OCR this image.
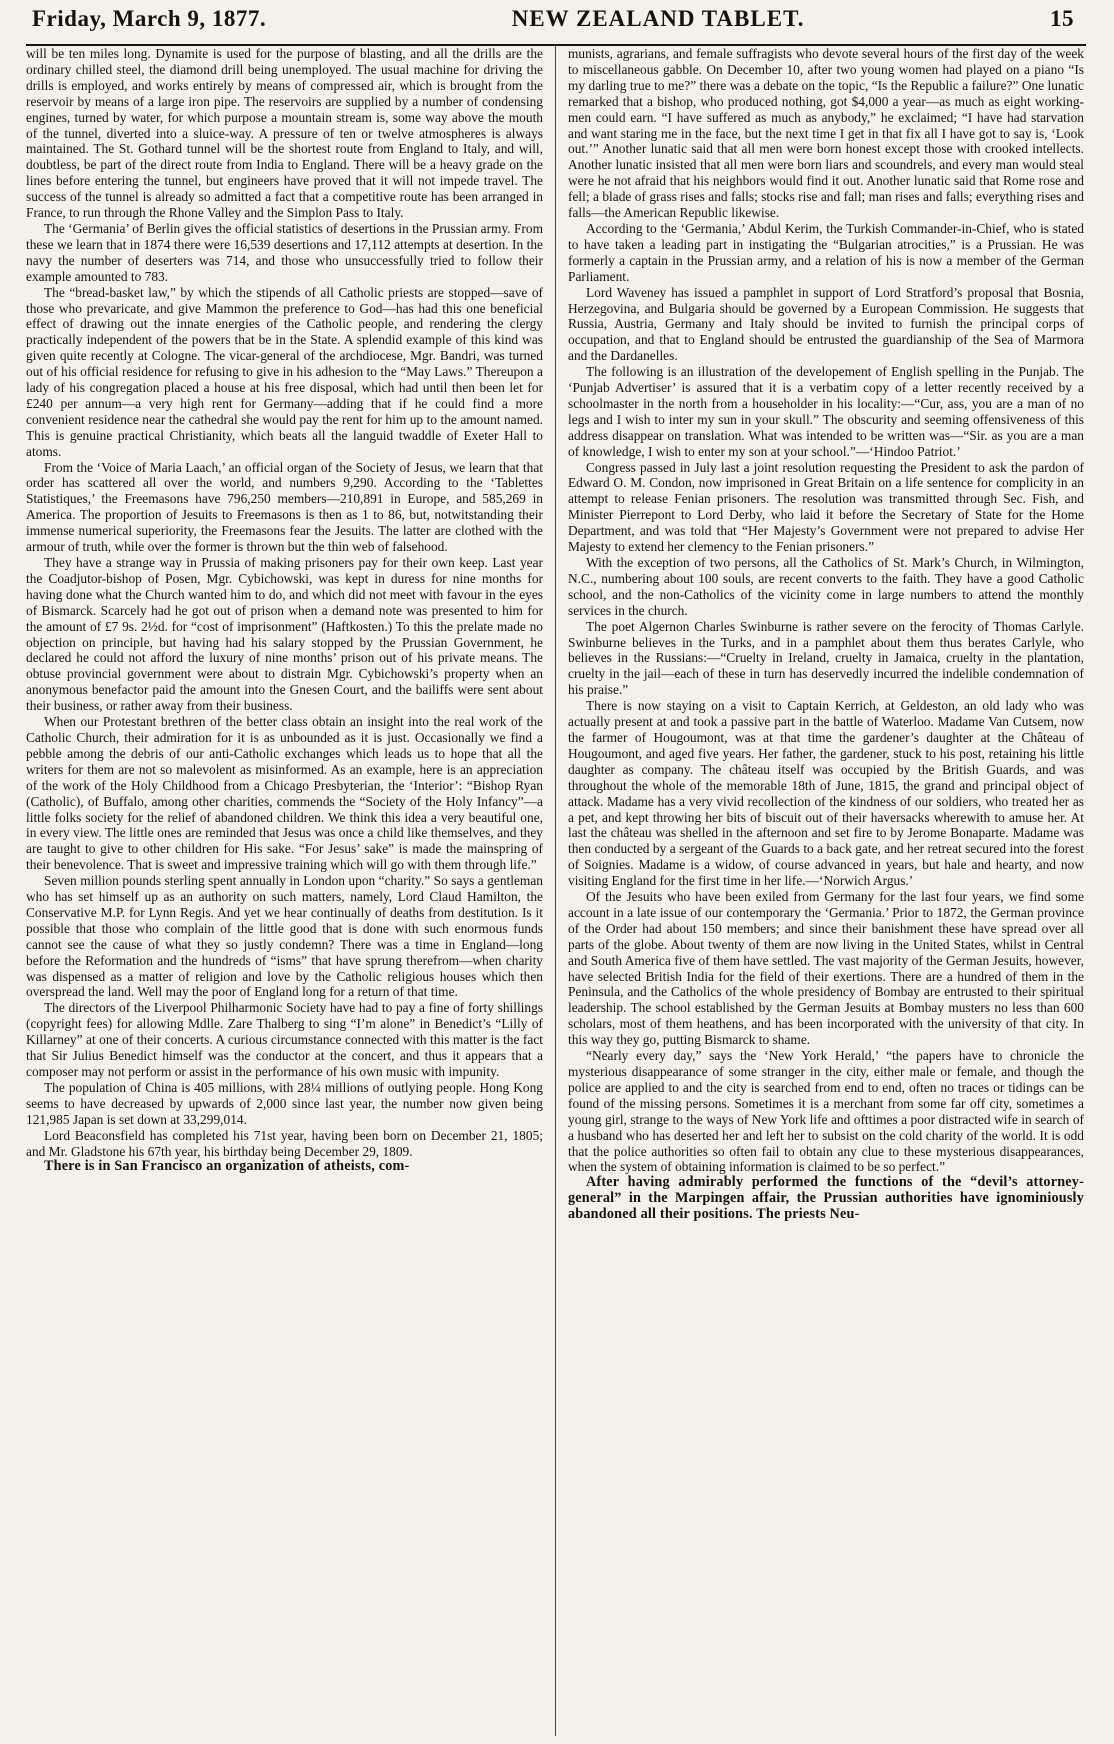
Friday, March 9, 1877.	NEW ZEALAND TABLET.	15

will be ten miles long. Dynamite is used for the purpose of blasting, and all the drills are the ordinary chilled steel, the diamond drill being unemployed. The usual machine for driving the drills is employed, and works entirely by means of compressed air, which is brought from the reservoir by means of a large iron pipe. The reservoirs are supplied by a number of condensing engines, turned by water, for which purpose a mountain stream is, some way above the mouth of the tunnel, diverted into a sluice-way. A pressure of ten or twelve atmospheres is always maintained. The St. Gothard tunnel will be the shortest route from England to Italy, and will, doubtless, be part of the direct route from India to England. There will be a heavy grade on the lines before entering the tunnel, but engineers have proved that it will not impede travel. The success of the tunnel is already so admitted a fact that a competitive route has been arranged in France, to run through the Rhone Valley and the Simplon Pass to Italy.

The ‘Germania’ of Berlin gives the official statistics of desertions in the Prussian army. From these we learn that in 1874 there were 16,539 desertions and 17,112 attempts at desertion. In the navy the number of deserters was 714, and those who unsuccessfully tried to follow their example amounted to 783.

The “bread-basket law,” by which the stipends of all Catholic priests are stopped—save of those who prevaricate, and give Mammon the preference to God—has had this one beneficial effect of drawing out the innate energies of the Catholic people, and rendering the clergy practically independent of the powers that be in the State. A splendid example of this kind was given quite recently at Cologne. The vicar-general of the archdiocese, Mgr. Bandri, was turned out of his official residence for refusing to give in his adhesion to the “May Laws.” Thereupon a lady of his congregation placed a house at his free disposal, which had until then been let for £240 per annum—a very high rent for Germany—adding that if he could find a more convenient residence near the cathedral she would pay the rent for him up to the amount named. This is genuine practical Christianity, which beats all the languid twaddle of Exeter Hall to atoms.

From the ‘Voice of Maria Laach,’ an official organ of the Society of Jesus, we learn that that order has scattered all over the world, and numbers 9,290. According to the ‘Tablettes Statistiques,’ the Freemasons have 796,250 members—210,891 in Europe, and 585,269 in America. The proportion of Jesuits to Freemasons is then as 1 to 86, but, notwitstanding their immense numerical superiority, the Freemasons fear the Jesuits. The latter are clothed with the armour of truth, while over the former is thrown but the thin web of falsehood.

They have a strange way in Prussia of making prisoners pay for their own keep. Last year the Coadjutor-bishop of Posen, Mgr. Cybichowski, was kept in duress for nine months for having done what the Church wanted him to do, and which did not meet with favour in the eyes of Bismarck. Scarcely had he got out of prison when a demand note was presented to him for the amount of £7 9s. 2½d. for “cost of imprisonment” (Haftkosten.) To this the prelate made no objection on principle, but having had his salary stopped by the Prussian Government, he declared he could not afford the luxury of nine months’ prison out of his private means. The obtuse provincial government were about to distrain Mgr. Cybichowski’s property when an anonymous benefactor paid the amount into the Gnesen Court, and the bailiffs were sent about their business, or rather away from their business.

When our Protestant brethren of the better class obtain an insight into the real work of the Catholic Church, their admiration for it is as unbounded as it is just. Occasionally we find a pebble among the debris of our anti-Catholic exchanges which leads us to hope that all the writers for them are not so malevolent as misinformed. As an example, here is an appreciation of the work of the Holy Childhood from a Chicago Presbyterian, the ‘Interior’: “Bishop Ryan (Catholic), of Buffalo, among other charities, commends the “Society of the Holy Infancy”—a little folks society for the relief of abandoned children. We think this idea a very beautiful one, in every view. The little ones are reminded that Jesus was once a child like themselves, and they are taught to give to other children for His sake. “For Jesus’ sake” is made the mainspring of their benevolence. That is sweet and impressive training which will go with them through life.”

Seven million pounds sterling spent annually in London upon “charity.” So says a gentleman who has set himself up as an authority on such matters, namely, Lord Claud Hamilton, the Conservative M.P. for Lynn Regis. And yet we hear continually of deaths from destitution. Is it possible that those who complain of the little good that is done with such enormous funds cannot see the cause of what they so justly condemn? There was a time in England—long before the Reformation and the hundreds of “isms” that have sprung therefrom—when charity was dispensed as a matter of religion and love by the Catholic religious houses which then overspread the land. Well may the poor of England long for a return of that time.

The directors of the Liverpool Philharmonic Society have had to pay a fine of forty shillings (copyright fees) for allowing Mdlle. Zare Thalberg to sing “I’m alone” in Benedict’s “Lilly of Killarney” at one of their concerts. A curious circumstance connected with this matter is the fact that Sir Julius Benedict himself was the conductor at the concert, and thus it appears that a composer may not perform or assist in the performance of his own music with impunity.

The population of China is 405 millions, with 28¼ millions of outlying people. Hong Kong seems to have decreased by upwards of 2,000 since last year, the number now given being 121,985 Japan is set down at 33,299,014.

Lord Beaconsfield has completed his 71st year, having been born on December 21, 1805; and Mr. Gladstone his 67th year, his birthday being December 29, 1809.

There is in San Francisco an organization of atheists, com-

munists, agrarians, and female suffragists who devote several hours of the first day of the week to miscellaneous gabble. On December 10, after two young women had played on a piano “Is my darling true to me?” there was a debate on the topic, “Is the Republic a failure?” One lunatic remarked that a bishop, who produced nothing, got $4,000 a year—as much as eight working-men could earn. “I have suffered as much as anybody,” he exclaimed; “I have had starvation and want staring me in the face, but the next time I get in that fix all I have got to say is, ‘Look out.’” Another lunatic said that all men were born honest except those with crooked intellects. Another lunatic insisted that all men were born liars and scoundrels, and every man would steal were he not afraid that his neighbors would find it out. Another lunatic said that Rome rose and fell; a blade of grass rises and falls; stocks rise and fall; man rises and falls; everything rises and falls—the American Republic likewise.

According to the ‘Germania,’ Abdul Kerim, the Turkish Commander-in-Chief, who is stated to have taken a leading part in instigating the “Bulgarian atrocities,” is a Prussian. He was formerly a captain in the Prussian army, and a relation of his is now a member of the German Parliament.

Lord Waveney has issued a pamphlet in support of Lord Stratford’s proposal that Bosnia, Herzegovina, and Bulgaria should be governed by a European Commission. He suggests that Russia, Austria, Germany and Italy should be invited to furnish the principal corps of occupation, and that to England should be entrusted the guardianship of the Sea of Marmora and the Dardanelles.

The following is an illustration of the developement of English spelling in the Punjab. The ‘Punjab Advertiser’ is assured that it is a verbatim copy of a letter recently received by a schoolmaster in the north from a householder in his locality:—“Cur, ass, you are a man of no legs and I wish to inter my sun in your skull.” The obscurity and seeming offensiveness of this address disappear on translation. What was intended to be written was—“Sir. as you are a man of knowledge, I wish to enter my son at your school.”—‘Hindoo Patriot.’

Congress passed in July last a joint resolution requesting the President to ask the pardon of Edward O. M. Condon, now imprisoned in Great Britain on a life sentence for complicity in an attempt to release Fenian prisoners. The resolution was transmitted through Sec. Fish, and Minister Pierrepont to Lord Derby, who laid it before the Secretary of State for the Home Department, and was told that “Her Majesty’s Government were not prepared to advise Her Majesty to extend her clemency to the Fenian prisoners.”

With the exception of two persons, all the Catholics of St. Mark’s Church, in Wilmington, N.C., numbering about 100 souls, are recent converts to the faith. They have a good Catholic school, and the non-Catholics of the vicinity come in large numbers to attend the monthly services in the church.

The poet Algernon Charles Swinburne is rather severe on the ferocity of Thomas Carlyle. Swinburne believes in the Turks, and in a pamphlet about them thus berates Carlyle, who believes in the Russians:—“Cruelty in Ireland, cruelty in Jamaica, cruelty in the plantation, cruelty in the jail—each of these in turn has deservedly incurred the indelible condemnation of his praise.”

There is now staying on a visit to Captain Kerrich, at Geldeston, an old lady who was actually present at and took a passive part in the battle of Waterloo. Madame Van Cutsem, now the farmer of Hougoumont, was at that time the gardener’s daughter at the Château of Hougoumont, and aged five years. Her father, the gardener, stuck to his post, retaining his little daughter as company. The château itself was occupied by the British Guards, and was throughout the whole of the memorable 18th of June, 1815, the grand and principal object of attack. Madame has a very vivid recollection of the kindness of our soldiers, who treated her as a pet, and kept throwing her bits of biscuit out of their haversacks wherewith to amuse her. At last the château was shelled in the afternoon and set fire to by Jerome Bonaparte. Madame was then conducted by a sergeant of the Guards to a back gate, and her retreat secured into the forest of Soignies. Madame is a widow, of course advanced in years, but hale and hearty, and now visiting England for the first time in her life.—‘Norwich Argus.’

Of the Jesuits who have been exiled from Germany for the last four years, we find some account in a late issue of our contemporary the ‘Germania.’ Prior to 1872, the German province of the Order had about 150 members; and since their banishment these have spread over all parts of the globe. About twenty of them are now living in the United States, whilst in Central and South America five of them have settled. The vast majority of the German Jesuits, however, have selected British India for the field of their exertions. There are a hundred of them in the Peninsula, and the Catholics of the whole presidency of Bombay are entrusted to their spiritual leadership. The school established by the German Jesuits at Bombay musters no less than 600 scholars, most of them heathens, and has been incorporated with the university of that city. In this way they go, putting Bismarck to shame.

“Nearly every day,” says the ‘New York Herald,’ “the papers have to chronicle the mysterious disappearance of some stranger in the city, either male or female, and though the police are applied to and the city is searched from end to end, often no traces or tidings can be found of the missing persons. Sometimes it is a merchant from some far off city, sometimes a young girl, strange to the ways of New York life and ofttimes a poor distracted wife in search of a husband who has deserted her and left her to subsist on the cold charity of the world. It is odd that the police authorities so often fail to obtain any clue to these mysterious disappearances, when the system of obtaining information is claimed to be so perfect.”

After having admirably performed the functions of the “devil’s attorney-general” in the Marpingen affair, the Prussian authorities have ignominiously abandoned all their positions. The priests Neu-
